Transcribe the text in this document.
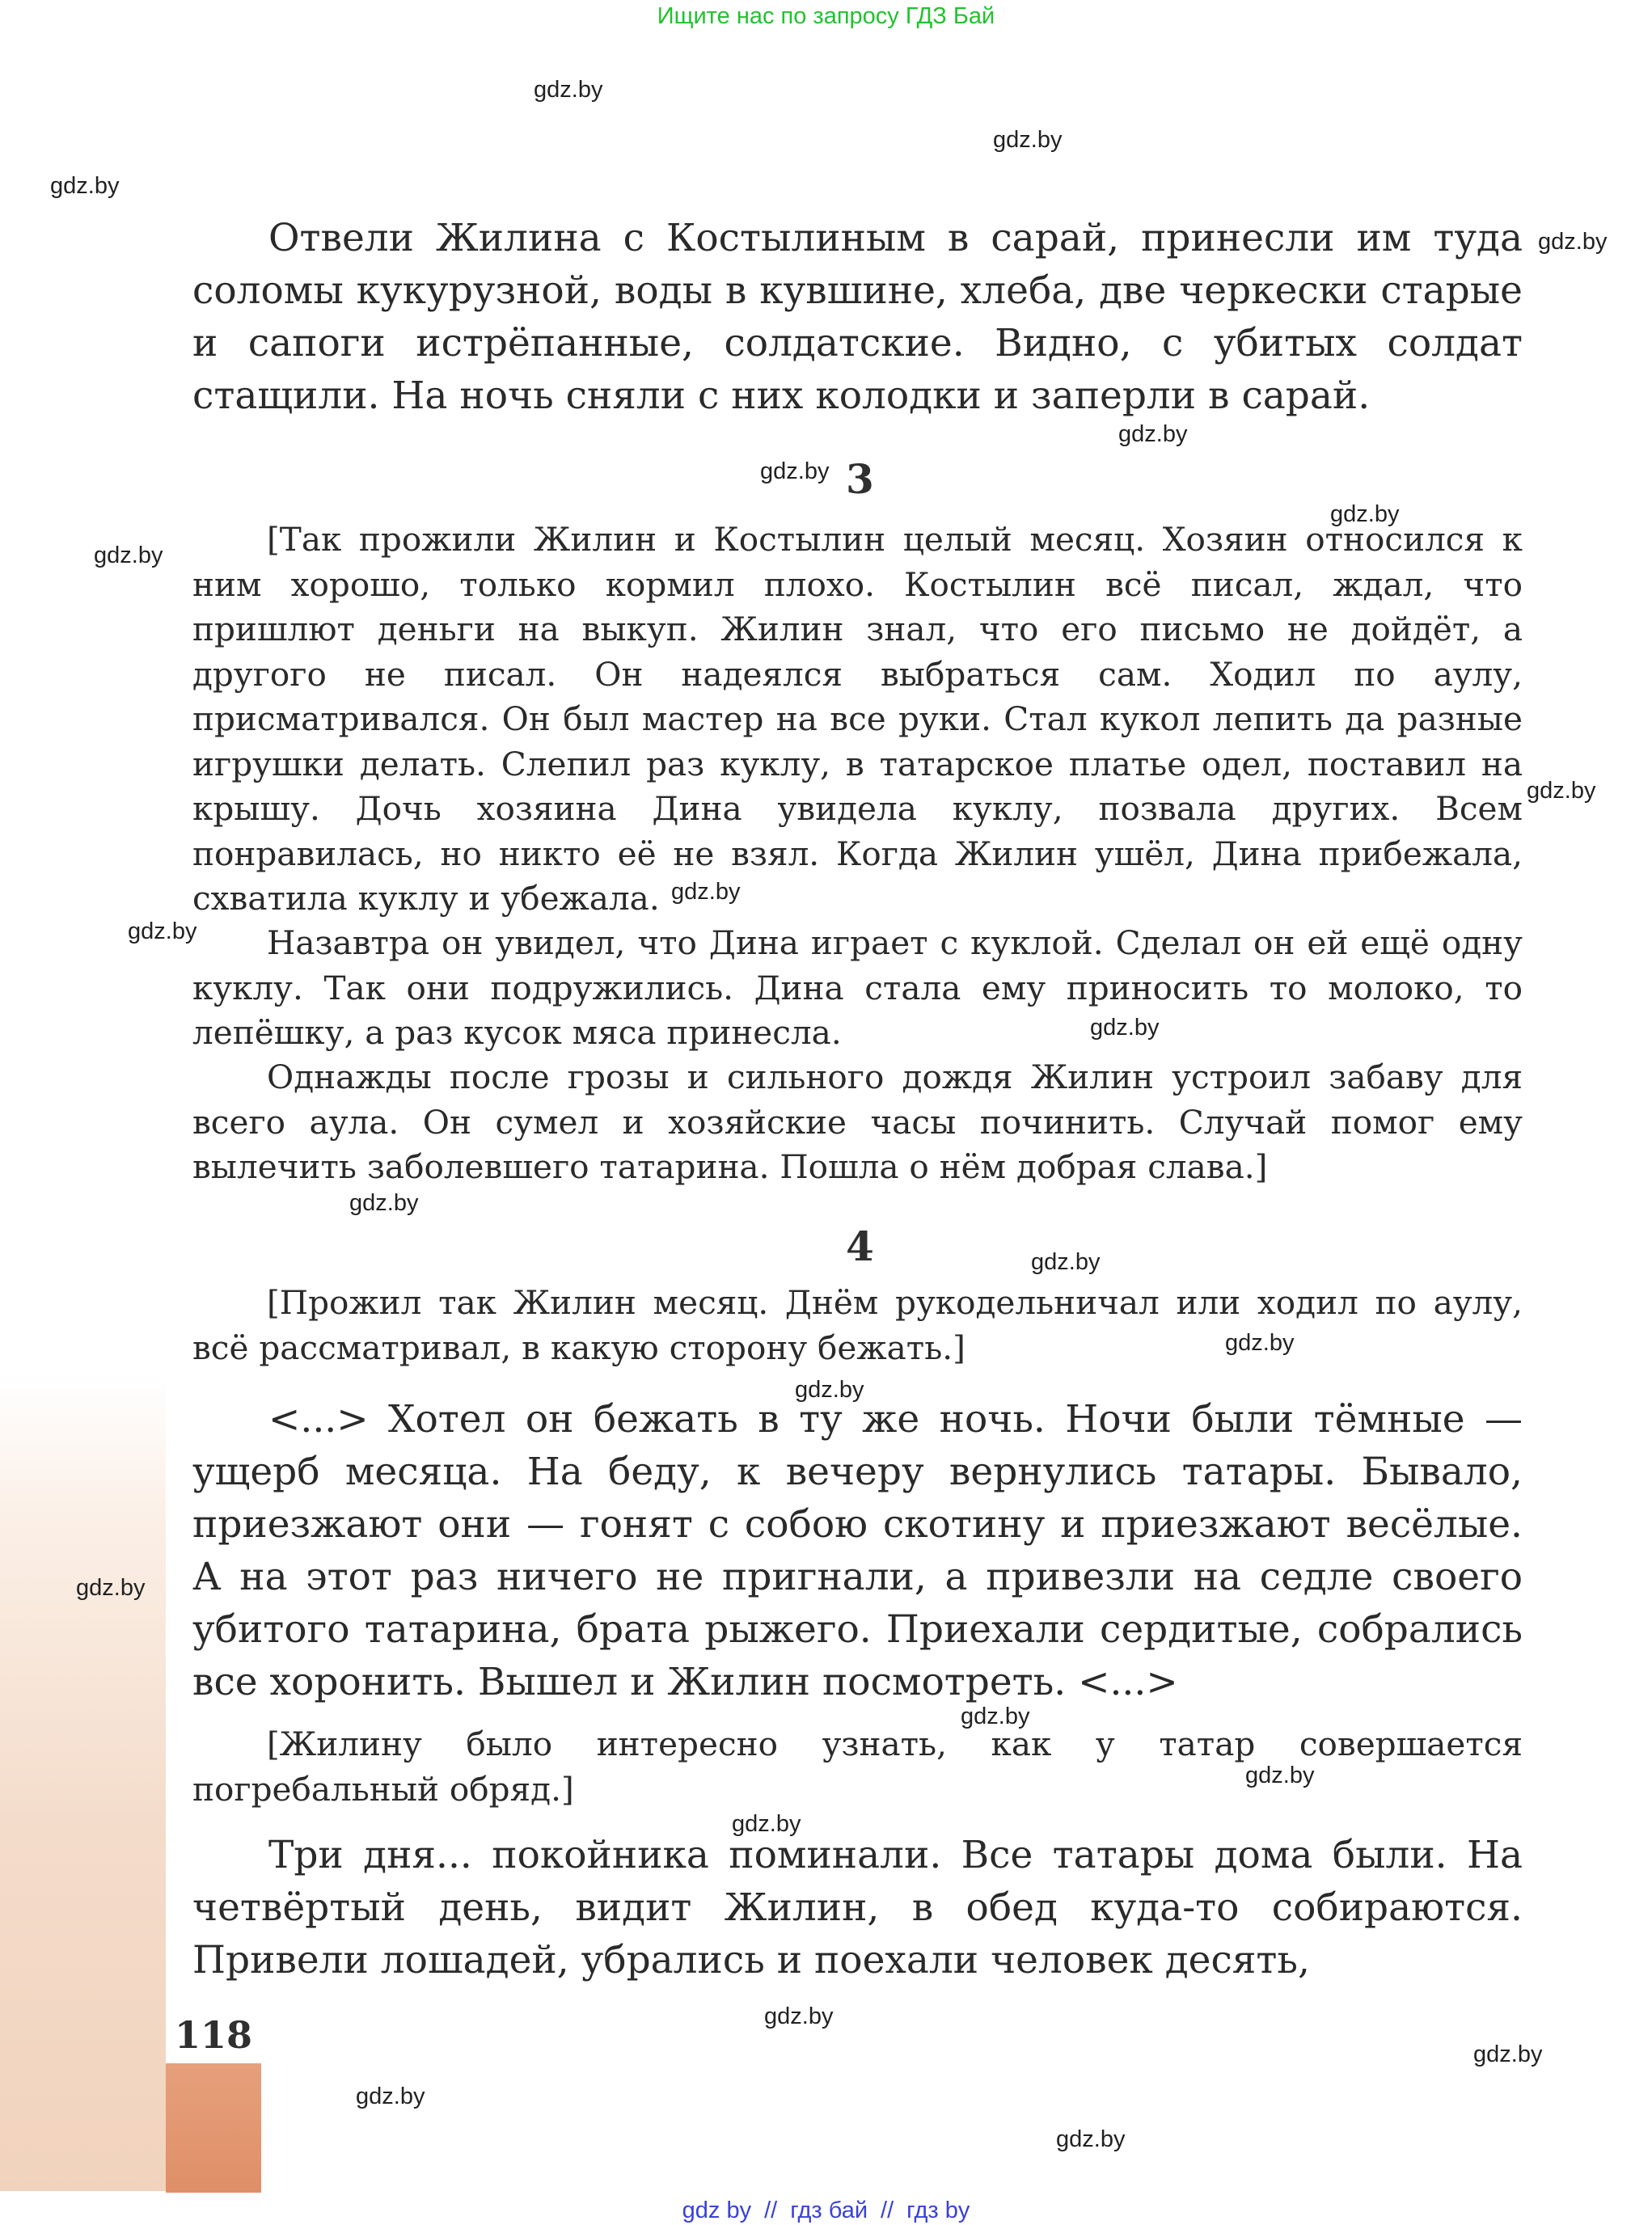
Ищите нас по запросу ГДЗ Бай
118
gdz.by
gdz.by
gdz.by
gdz.by
gdz.by
gdz.by
gdz.by
gdz.by
gdz.by
gdz.by
gdz.by
gdz.by
gdz.by
gdz.by
gdz.by
gdz.by
gdz.by
gdz.by
gdz.by
gdz.by
gdz.by
gdz.by
gdz.by
gdz.by
3
4

Отвели Жилина с Костылиным в сарай, принесли им туда соломы кукурузной, воды в кувшине, хлеба, две черкески старые и сапоги истрёпанные, солдатские. Видно, с убитых солдат стащили. На ночь сняли с них колодки и заперли в сарай.

[Так прожили Жилин и Костылин целый месяц. Хозяин относился к ним хорошо, только кормил плохо. Костылин всё писал, ждал, что пришлют деньги на выкуп. Жилин знал, что его письмо не дойдёт, а другого не писал. Он надеялся выбраться сам. Ходил по аулу, присматривался. Он был мастер на все руки. Стал кукол лепить да разные игрушки делать. Слепил раз куклу, в татарское платье одел, поставил на крышу. Дочь хозяина Дина увидела куклу, позвала других. Всем понравилась, но никто её не взял. Когда Жилин ушёл, Дина прибежала, схватила куклу и убежала.

Назавтра он увидел, что Дина играет с куклой. Сделал он ей ещё одну куклу. Так они подружились. Дина стала ему приносить то молоко, то лепёшку, а раз кусок мяса принесла.

Однажды после грозы и сильного дождя Жилин устроил забаву для всего аула. Он сумел и хозяйские часы починить. Случай помог ему вылечить заболевшего татарина. Пошла о нём добрая слава.]

[Прожил так Жилин месяц. Днём рукодельничал или ходил по аулу, всё рассматривал, в какую сторону бежать.]

<...> Хотел он бежать в ту же ночь. Ночи были тёмные — ущерб месяца. На беду, к вечеру вернулись татары. Бывало, приезжают они — гонят с собою скотину и приезжают весёлые. А на этот раз ничего не пригнали, а привезли на седле своего убитого татарина, брата рыжего. Приехали сердитые, собрались все хоронить. Вышел и Жилин посмотреть. <...>

[Жилину было интересно узнать, как у татар совершается погребальный обряд.]

Три дня... покойника поминали. Все татары дома были. На четвёртый день, видит Жилин, в обед куда-то собираются. Привели лошадей, убрались и поехали человек десять,

gdz by // гдз бай // гдз by
